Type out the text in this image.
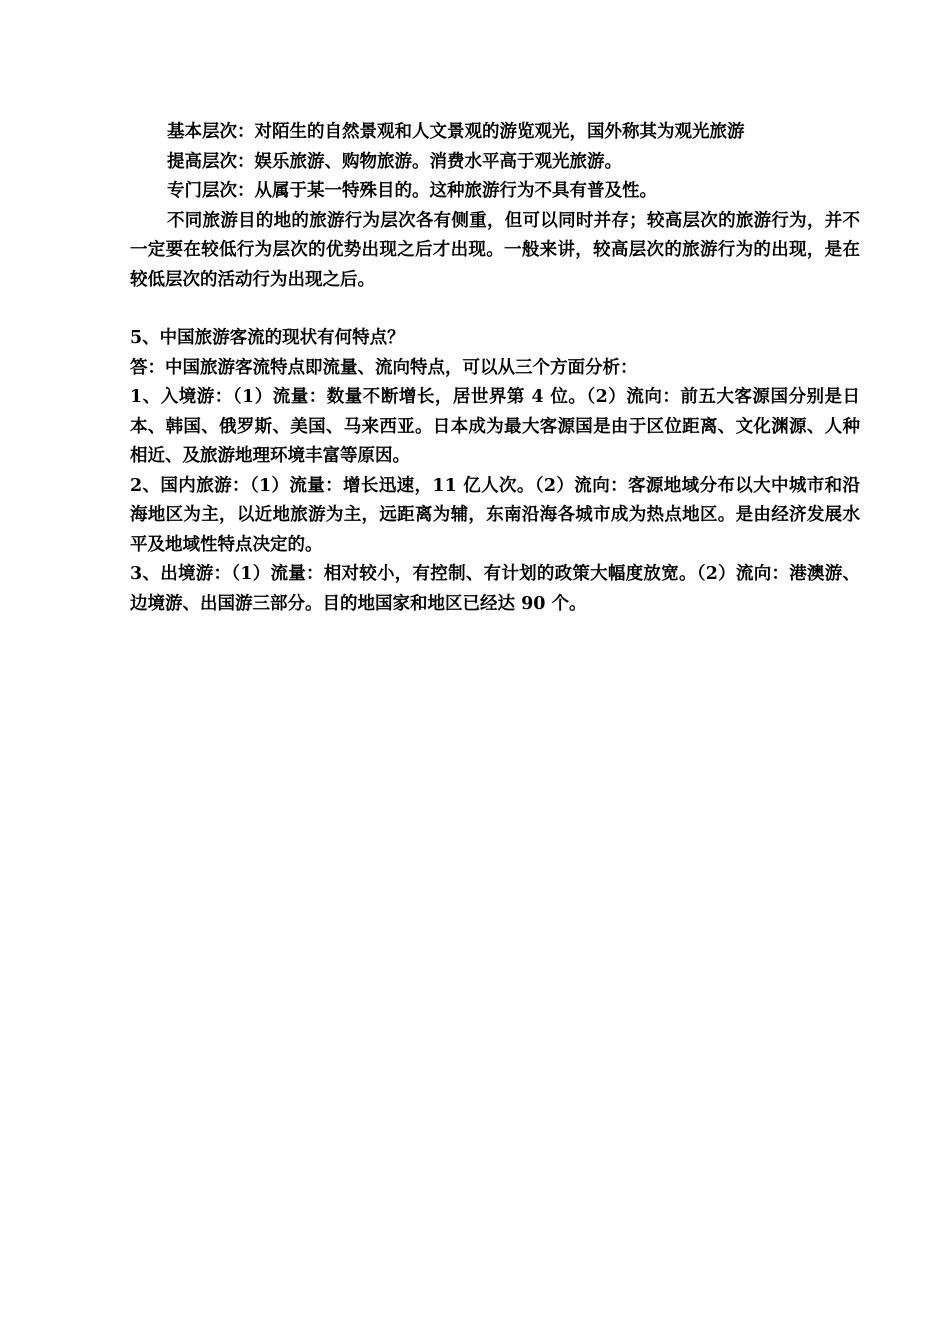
基本层次：对陌生的自然景观和人文景观的游览观光，国外称其为观光旅游

提高层次：娱乐旅游、购物旅游。消费水平高于观光旅游。

专门层次：从属于某一特殊目的。这种旅游行为不具有普及性。

不同旅游目的地的旅游行为层次各有侧重，但可以同时并存；较高层次的旅游行为，并不一定要在较低行为层次的优势出现之后才出现。一般来讲，较高层次的旅游行为的出现，是在较低层次的活动行为出现之后。

5、中国旅游客流的现状有何特点？

答：中国旅游客流特点即流量、流向特点，可以从三个方面分析：

1、入境游：（1）流量：数量不断增长，居世界第 4 位。（2）流向：前五大客源国分别是日本、韩国、俄罗斯、美国、马来西亚。日本成为最大客源国是由于区位距离、文化渊源、人种相近、及旅游地理环境丰富等原因。

2、国内旅游：（1）流量：增长迅速，11 亿人次。（2）流向：客源地域分布以大中城市和沿海地区为主，以近地旅游为主，远距离为辅，东南沿海各城市成为热点地区。是由经济发展水平及地域性特点决定的。

3、出境游：（1）流量：相对较小，有控制、有计划的政策大幅度放宽。（2）流向：港澳游、边境游、出国游三部分。目的地国家和地区已经达 90 个。
